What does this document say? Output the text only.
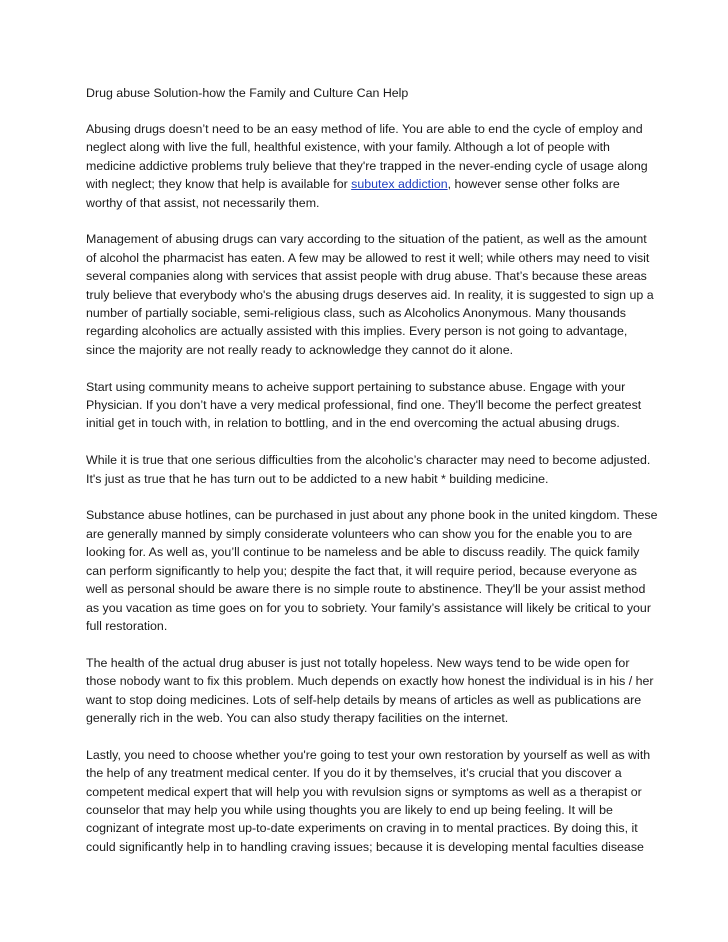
Drug abuse Solution-how the Family and Culture Can Help

Abusing drugs doesn’t need to be an easy method of life. You are able to end the cycle of employ and neglect along with live the full, healthful existence, with your family. Although a lot of people with medicine addictive problems truly believe that they're trapped in the never-ending cycle of usage along with neglect; they know that help is available for subutex addiction, however sense other folks are worthy of that assist, not necessarily them.

Management of abusing drugs can vary according to the situation of the patient, as well as the amount of alcohol the pharmacist has eaten. A few may be allowed to rest it well; while others may need to visit several companies along with services that assist people with drug abuse. That’s because these areas truly believe that everybody who's the abusing drugs deserves aid. In reality, it is suggested to sign up a number of partially sociable, semi-religious class, such as Alcoholics Anonymous. Many thousands regarding alcoholics are actually assisted with this implies. Every person is not going to advantage, since the majority are not really ready to acknowledge they cannot do it alone.

Start using community means to acheive support pertaining to substance abuse. Engage with your Physician. If you don’t have a very medical professional, find one. They'll become the perfect greatest initial get in touch with, in relation to bottling, and in the end overcoming the actual abusing drugs.

While it is true that one serious difficulties from the alcoholic’s character may need to become adjusted. It's just as true that he has turn out to be addicted to a new habit * building medicine.

Substance abuse hotlines, can be purchased in just about any phone book in the united kingdom. These are generally manned by simply considerate volunteers who can show you for the enable you to are looking for. As well as, you’ll continue to be nameless and be able to discuss readily. The quick family can perform significantly to help you; despite the fact that, it will require period, because everyone as well as personal should be aware there is no simple route to abstinence. They'll be your assist method as you vacation as time goes on for you to sobriety. Your family’s assistance will likely be critical to your full restoration.

The health of the actual drug abuser is just not totally hopeless. New ways tend to be wide open for those nobody want to fix this problem. Much depends on exactly how honest the individual is in his / her want to stop doing medicines. Lots of self-help details by means of articles as well as publications are generally rich in the web. You can also study therapy facilities on the internet.

Lastly, you need to choose whether you're going to test your own restoration by yourself as well as with the help of any treatment medical center. If you do it by themselves, it’s crucial that you discover a competent medical expert that will help you with revulsion signs or symptoms as well as a therapist or counselor that may help you while using thoughts you are likely to end up being feeling. It will be cognizant of integrate most up-to-date experiments on craving in to mental practices. By doing this, it could significantly help in to handling craving issues; because it is developing mental faculties disease
